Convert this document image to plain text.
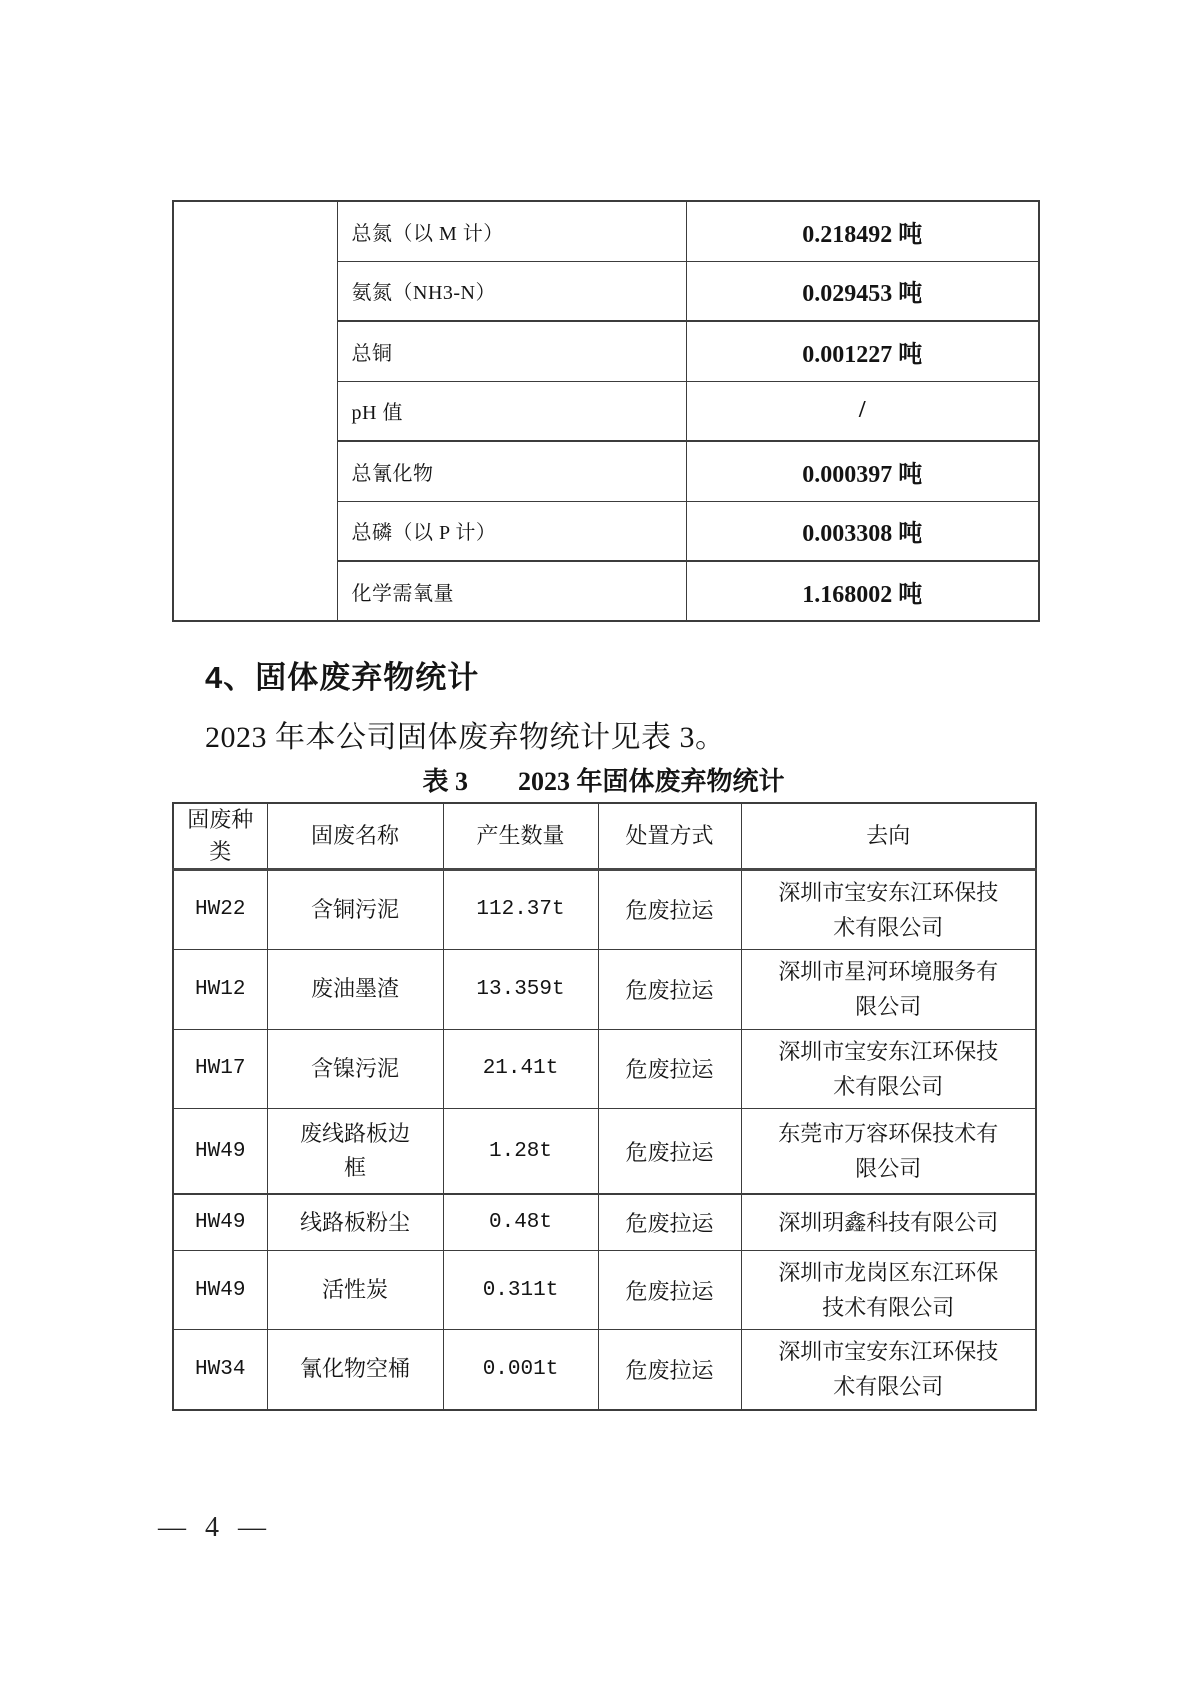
	总氮（以 M 计）	0.218492 吨
	氨氮（NH3-N）	0.029453 吨
	总铜	0.001227 吨
	pH 值	/
	总氰化物	0.000397 吨
	总磷（以 P 计）	0.003308 吨
	化学需氧量	1.168002 吨
4、固体废弃物统计
2023 年本公司固体废弃物统计见表 3。
表 3 2023 年固体废弃物统计
固废种类	固废名称	产生数量	处置方式	去向
HW22	含铜污泥	112.37t	危废拉运	深圳市宝安东江环保技术有限公司
HW12	废油墨渣	13.359t	危废拉运	深圳市星河环境服务有限公司
HW17	含镍污泥	21.41t	危废拉运	深圳市宝安东江环保技术有限公司
HW49	废线路板边框	1.28t	危废拉运	东莞市万容环保技术有限公司
HW49	线路板粉尘	0.48t	危废拉运	深圳玥鑫科技有限公司
HW49	活性炭	0.311t	危废拉运	深圳市龙岗区东江环保技术有限公司
HW34	氰化物空桶	0.001t	危废拉运	深圳市宝安东江环保技术有限公司
— 4 —
